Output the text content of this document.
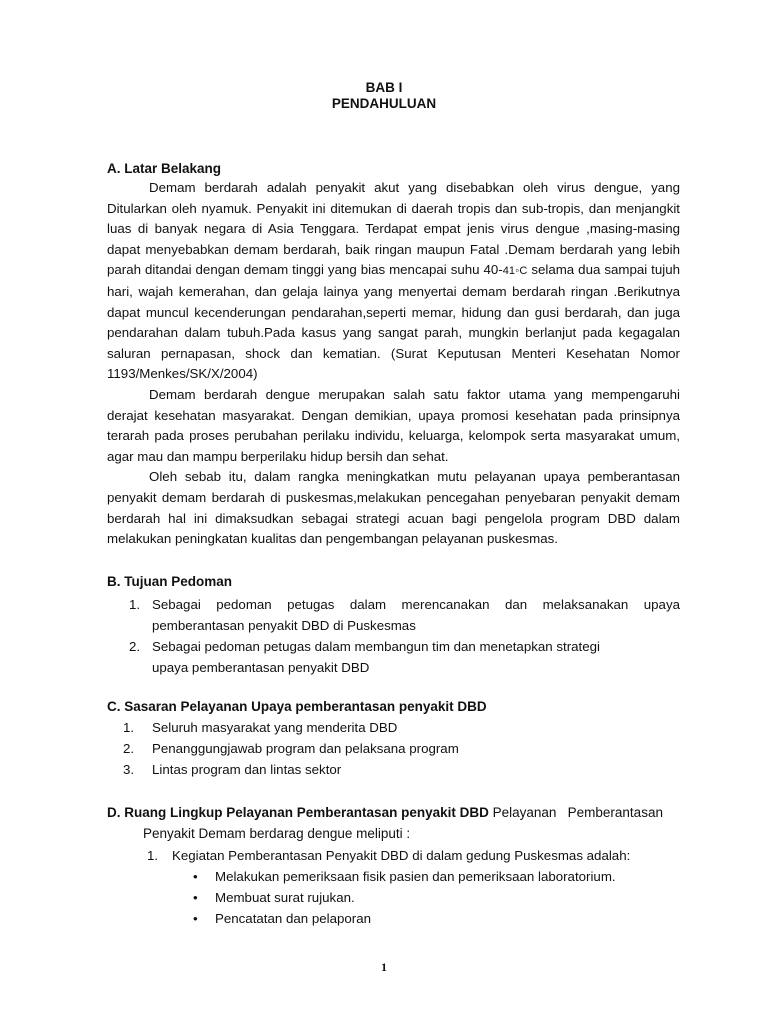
BAB I
PENDAHULUAN
A. Latar Belakang

Demam berdarah adalah penyakit akut yang disebabkan oleh virus dengue, yang Ditularkan oleh nyamuk. Penyakit ini ditemukan di daerah tropis dan sub-tropis, dan menjangkit luas di banyak negara di Asia Tenggara. Terdapat empat jenis virus dengue ,masing-masing dapat menyebabkan demam berdarah, baik ringan maupun Fatal .Demam berdarah yang lebih parah ditandai dengan demam tinggi yang bias mencapai suhu 40-41◦C selama dua sampai tujuh hari, wajah kemerahan, dan gelaja lainya yang menyertai demam berdarah ringan .Berikutnya dapat muncul kecenderungan pendarahan,seperti memar, hidung dan gusi berdarah, dan juga pendarahan dalam tubuh.Pada kasus yang sangat parah, mungkin berlanjut pada kegagalan saluran pernapasan, shock dan kematian. (Surat Keputusan Menteri Kesehatan Nomor 1193/Menkes/SK/X/2004)

Demam berdarah dengue merupakan salah satu faktor utama yang mempengaruhi derajat kesehatan masyarakat. Dengan demikian, upaya promosi kesehatan pada prinsipnya terarah pada proses perubahan perilaku individu, keluarga, kelompok serta masyarakat umum, agar mau dan mampu berperilaku hidup bersih dan sehat.

Oleh sebab itu, dalam rangka meningkatkan mutu pelayanan upaya pemberantasan penyakit demam berdarah di puskesmas,melakukan pencegahan penyebaran penyakit demam berdarah hal ini dimaksudkan sebagai strategi acuan bagi pengelola program DBD dalam melakukan peningkatan kualitas dan pengembangan pelayanan puskesmas.

B. Tujuan Pedoman
1. Sebagai pedoman petugas dalam merencanakan dan melaksanakan upaya
pemberantasan penyakit DBD di Puskesmas
2. Sebagai pedoman petugas dalam membangun tim dan menetapkan strategi
upaya pemberantasan penyakit DBD
C. Sasaran Pelayanan Upaya pemberantasan penyakit DBD
1. Seluruh masyarakat yang menderita DBD
2. Penanggungjawab program dan pelaksana program
3. Lintas program dan lintas sektor
D. Ruang Lingkup Pelayanan Pemberantasan penyakit DBD Pelayanan   Pemberantasan
Penyakit Demam berdarag dengue meliputi :
1. Kegiatan Pemberantasan Penyakit DBD di dalam gedung Puskesmas adalah:
• Melakukan pemeriksaan fisik pasien dan pemeriksaan laboratorium.
• Membuat surat rujukan.
• Pencatatan dan pelaporan
1
